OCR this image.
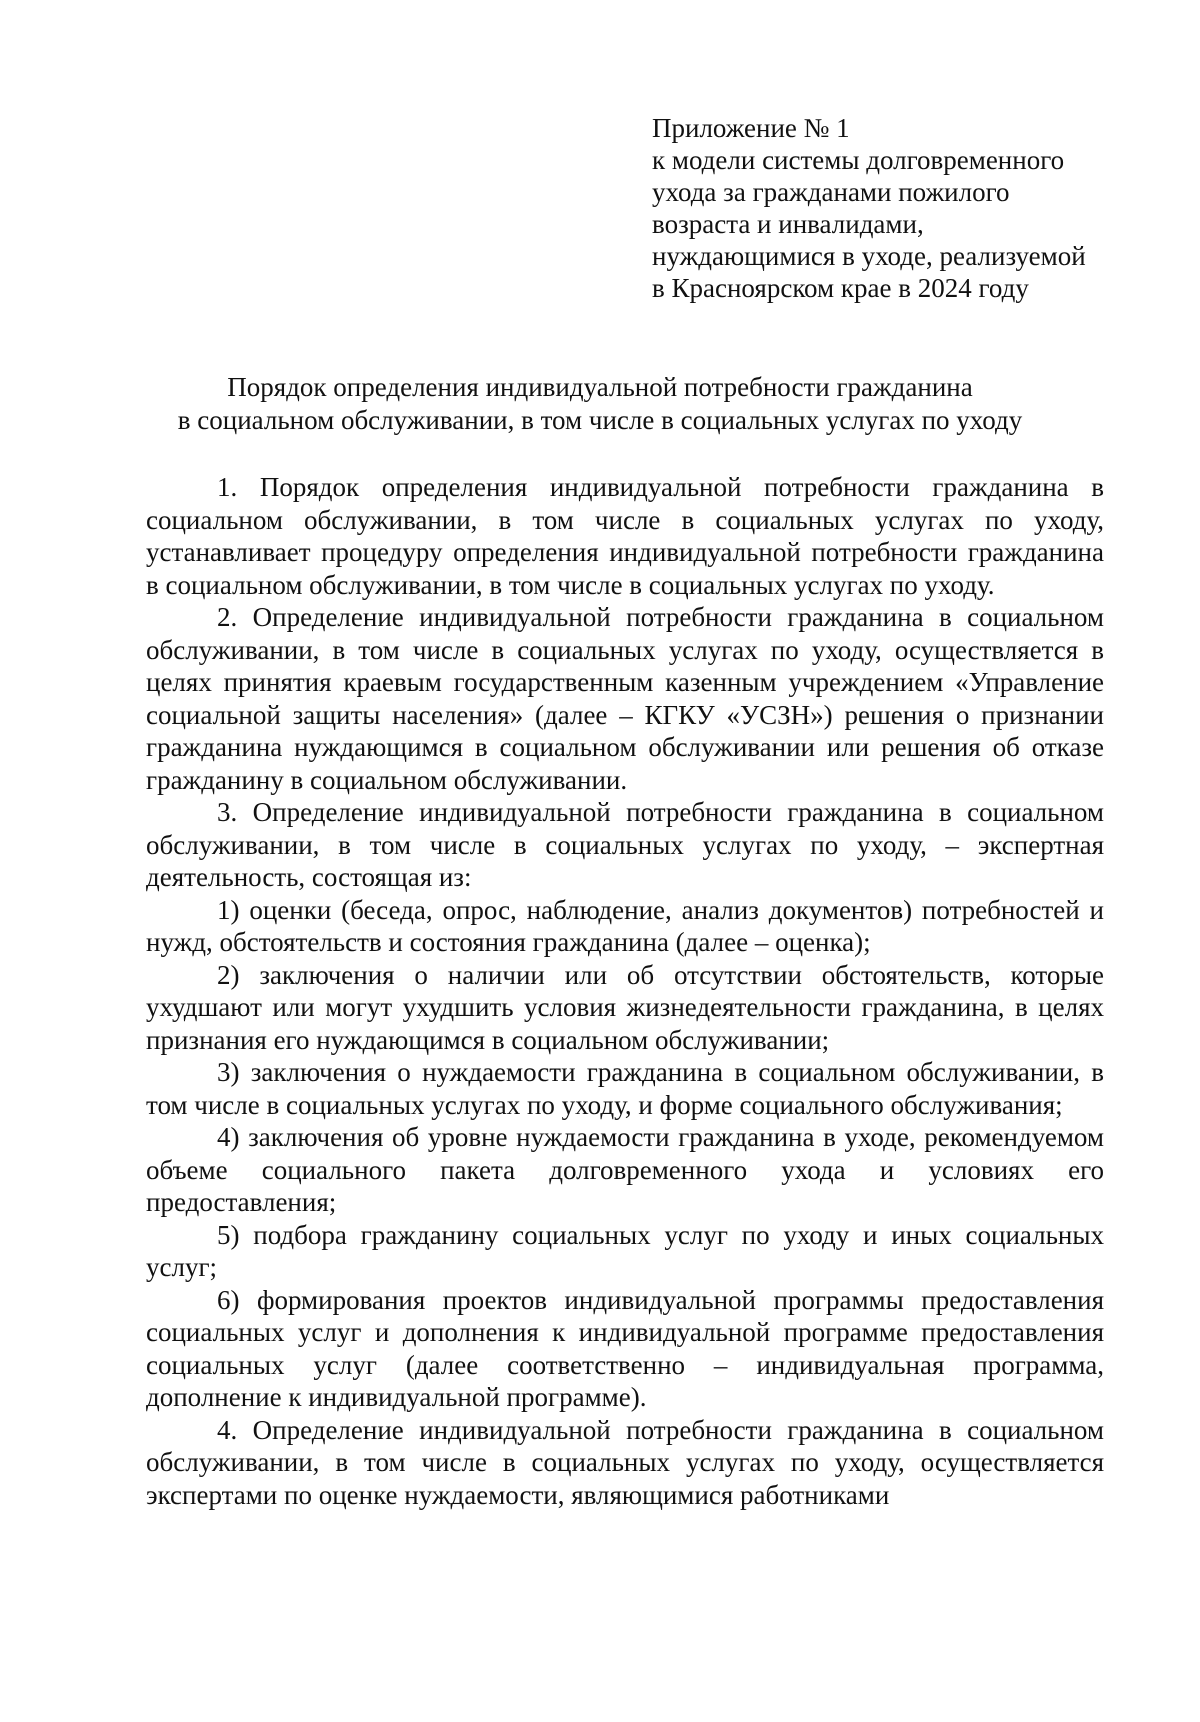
Приложение № 1
к модели системы долговременного
ухода за гражданами пожилого
возраста и инвалидами,
нуждающимися в уходе, реализуемой
в Красноярском крае в 2024 году
Порядок определения индивидуальной потребности гражданина
в социальном обслуживании, в том числе в социальных услугах по уходу

1. Порядок определения индивидуальной потребности гражданина в социальном обслуживании, в том числе в социальных услугах по уходу, устанавливает процедуру определения индивидуальной потребности гражданина в социальном обслуживании, в том числе в социальных услугах по уходу.

2. Определение индивидуальной потребности гражданина в социальном обслуживании, в том числе в социальных услугах по уходу, осуществляется в целях принятия краевым государственным казенным учреждением «Управление социальной защиты населения» (далее – КГКУ «УСЗН») решения о признании гражданина нуждающимся в социальном обслуживании или решения об отказе гражданину в социальном обслуживании.

3. Определение индивидуальной потребности гражданина в социальном обслуживании, в том числе в социальных услугах по уходу, – экспертная деятельность, состоящая из:

1) оценки (беседа, опрос, наблюдение, анализ документов) потребностей и нужд, обстоятельств и состояния гражданина (далее – оценка);

2) заключения о наличии или об отсутствии обстоятельств, которые ухудшают или могут ухудшить условия жизнедеятельности гражданина, в целях признания его нуждающимся в социальном обслуживании;

3) заключения о нуждаемости гражданина в социальном обслуживании, в том числе в социальных услугах по уходу, и форме социального обслуживания;

4) заключения об уровне нуждаемости гражданина в уходе, рекомендуемом объеме социального пакета долговременного ухода и условиях его предоставления;

5) подбора гражданину социальных услуг по уходу и иных социальных услуг;

6) формирования проектов индивидуальной программы предоставления социальных услуг и дополнения к индивидуальной программе предоставления социальных услуг (далее соответственно – индивидуальная программа, дополнение к индивидуальной программе).

4. Определение индивидуальной потребности гражданина в социальном обслуживании, в том числе в социальных услугах по уходу, осуществляется экспертами по оценке нуждаемости, являющимися работниками
